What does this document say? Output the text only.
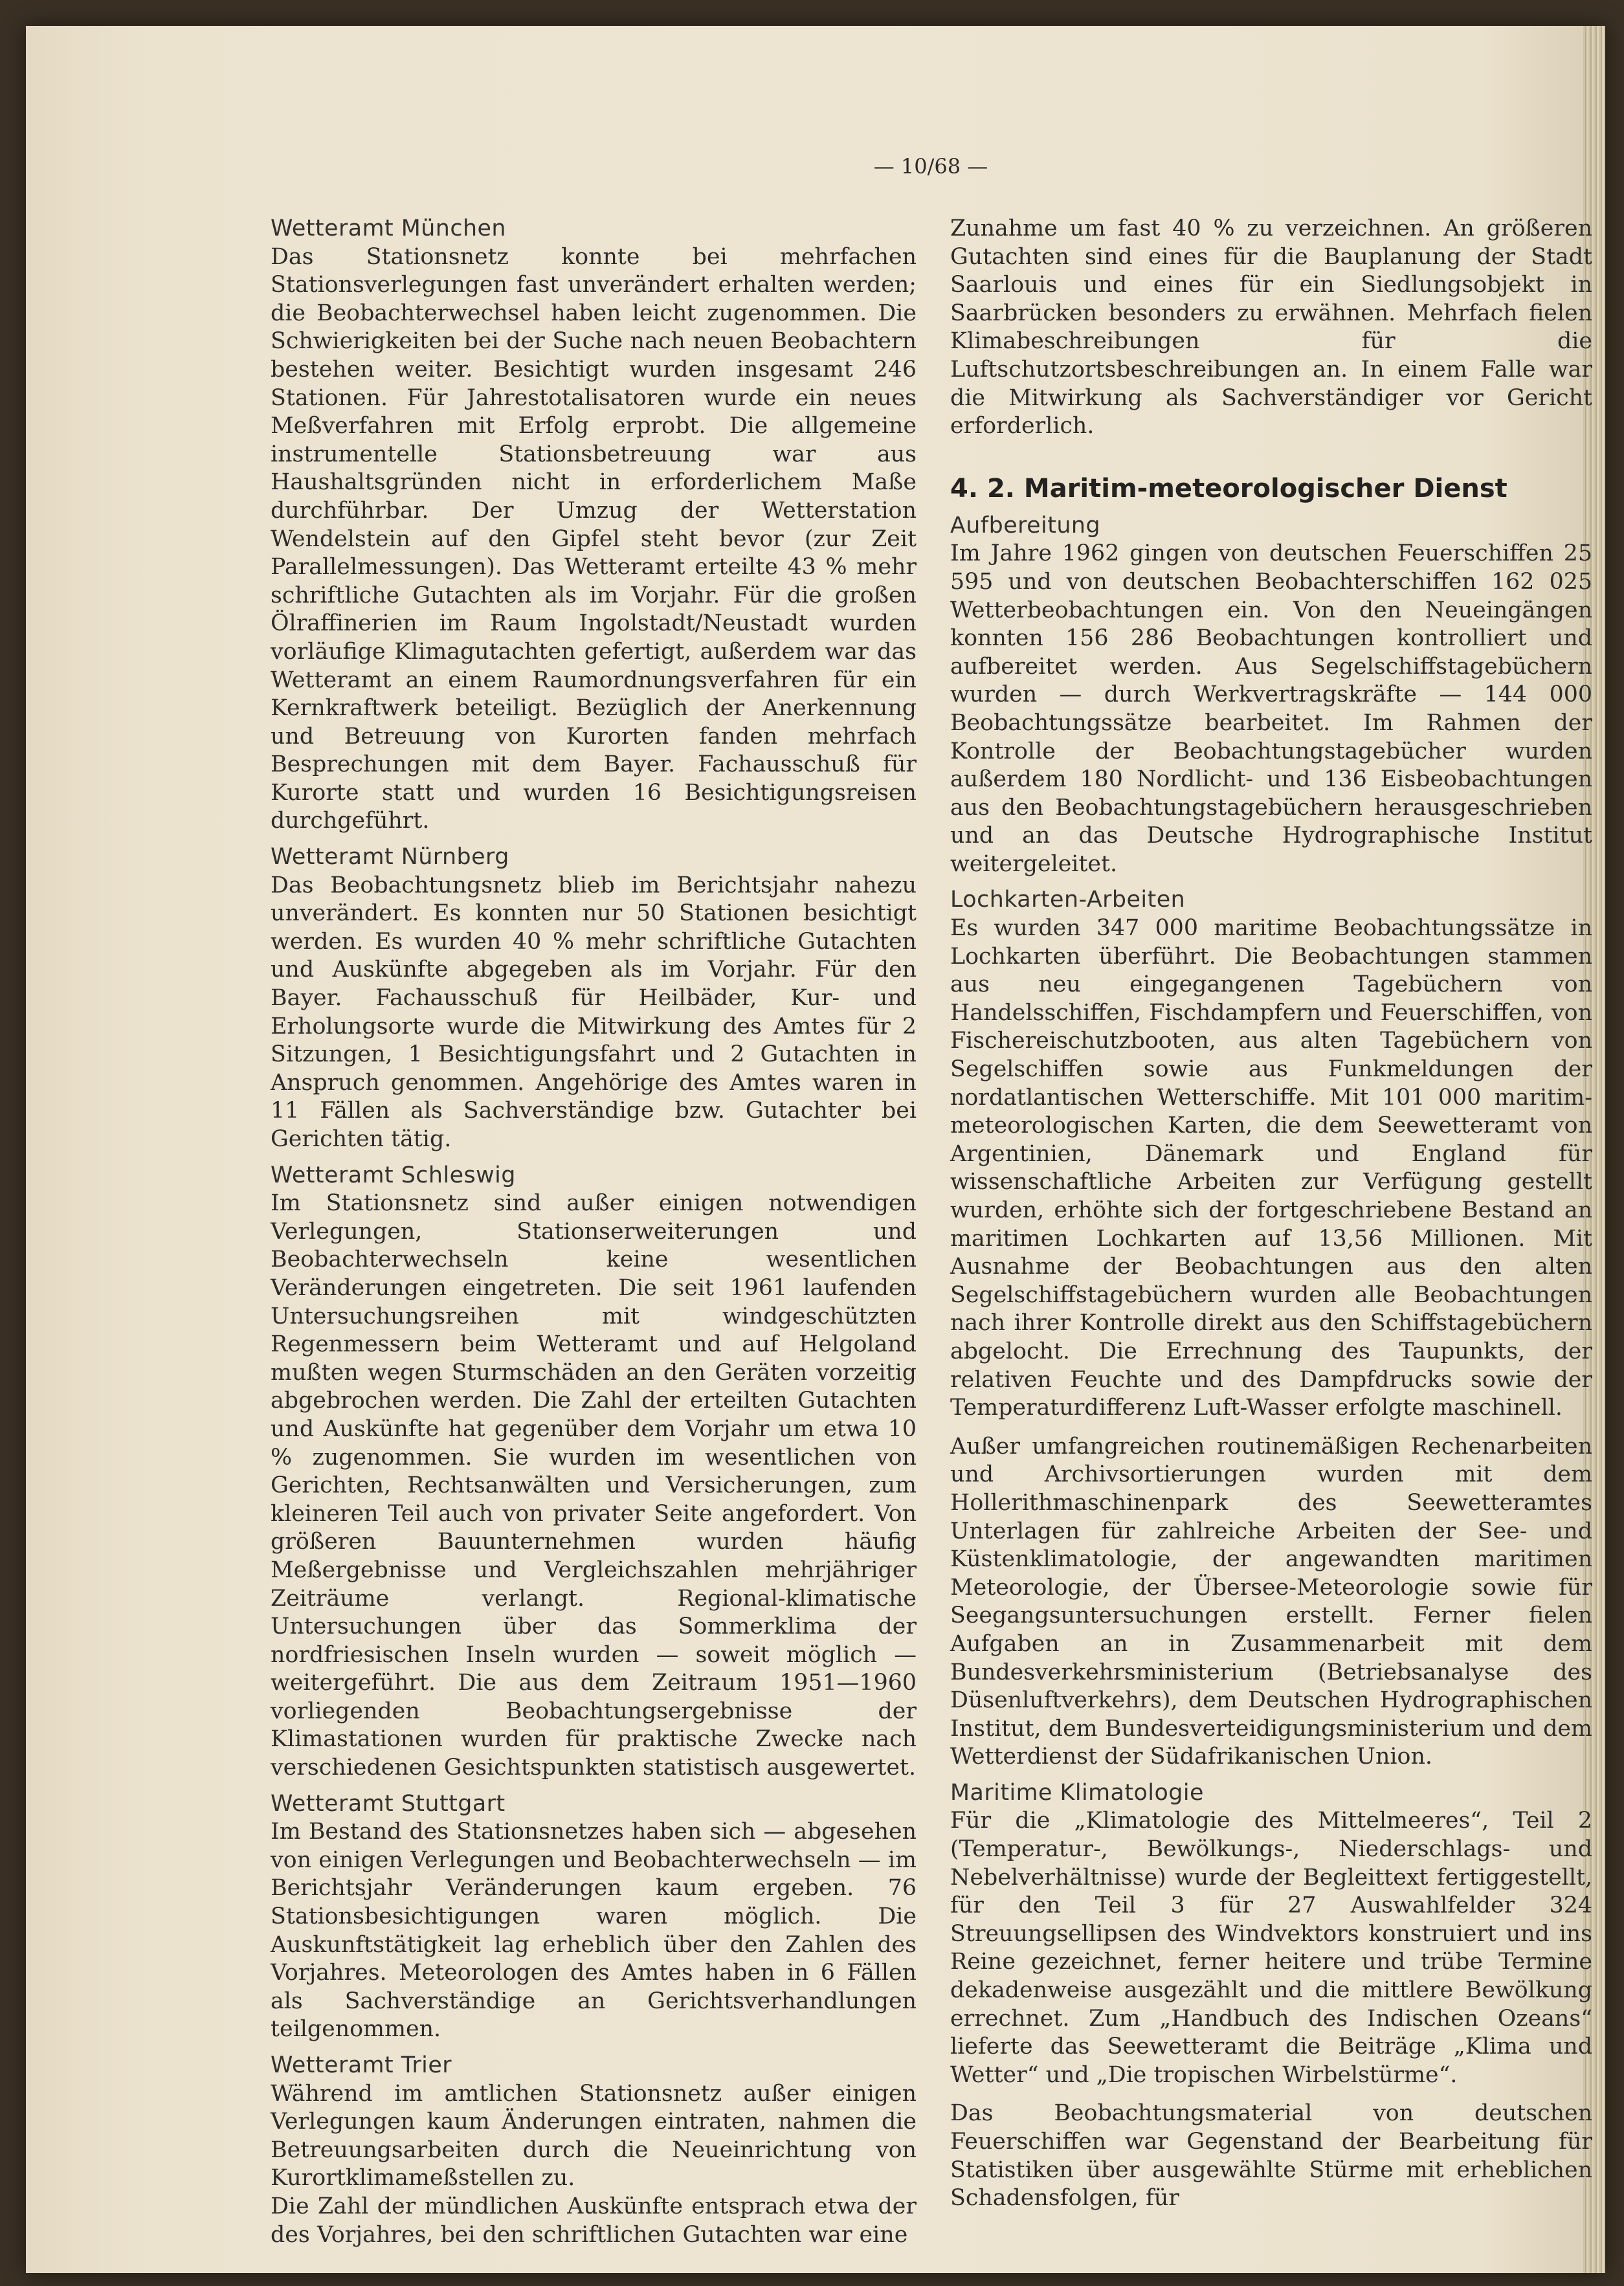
— 10/68 —

Wetteramt München

Das Stationsnetz konnte bei mehrfachen Stationsverlegungen fast unverändert erhalten werden; die Beobachterwechsel haben leicht zugenommen. Die Schwierigkeiten bei der Suche nach neuen Beobachtern bestehen weiter. Besichtigt wurden insgesamt 246 Stationen. Für Jahrestotalisatoren wurde ein neues Meßverfahren mit Erfolg erprobt. Die allgemeine instrumentelle Stationsbetreuung war aus Haushaltsgründen nicht in erforderlichem Maße durchführbar. Der Umzug der Wetterstation Wendelstein auf den Gipfel steht bevor (zur Zeit Parallelmessungen). Das Wetteramt erteilte 43 % mehr schriftliche Gutachten als im Vorjahr. Für die großen Ölraffinerien im Raum Ingolstadt/Neustadt wurden vorläufige Klimagutachten gefertigt, außerdem war das Wetteramt an einem Raumordnungsverfahren für ein Kernkraftwerk beteiligt. Bezüglich der Anerkennung und Betreuung von Kurorten fanden mehrfach Besprechungen mit dem Bayer. Fachausschuß für Kurorte statt und wurden 16 Besichtigungsreisen durchgeführt.

Wetteramt Nürnberg

Das Beobachtungsnetz blieb im Berichtsjahr nahezu unverändert. Es konnten nur 50 Stationen besichtigt werden. Es wurden 40 % mehr schriftliche Gutachten und Auskünfte abgegeben als im Vorjahr. Für den Bayer. Fachausschuß für Heilbäder, Kur- und Erholungsorte wurde die Mitwirkung des Amtes für 2 Sitzungen, 1 Besichtigungsfahrt und 2 Gutachten in Anspruch genommen. Angehörige des Amtes waren in 11 Fällen als Sachverständige bzw. Gutachter bei Gerichten tätig.

Wetteramt Schleswig

Im Stationsnetz sind außer einigen notwendigen Verlegungen, Stationserweiterungen und Beobachterwechseln keine wesentlichen Veränderungen eingetreten. Die seit 1961 laufenden Untersuchungsreihen mit windgeschützten Regenmessern beim Wetteramt und auf Helgoland mußten wegen Sturmschäden an den Geräten vorzeitig abgebrochen werden. Die Zahl der erteilten Gutachten und Auskünfte hat gegenüber dem Vorjahr um etwa 10 % zugenommen. Sie wurden im wesentlichen von Gerichten, Rechtsanwälten und Versicherungen, zum kleineren Teil auch von privater Seite angefordert. Von größeren Bauunternehmen wurden häufig Meßergebnisse und Vergleichszahlen mehrjähriger Zeiträume verlangt. Regional-klimatische Untersuchungen über das Sommerklima der nordfriesischen Inseln wurden — soweit möglich — weitergeführt. Die aus dem Zeitraum 1951—1960 vorliegenden Beobachtungsergebnisse der Klimastationen wurden für praktische Zwecke nach verschiedenen Gesichtspunkten statistisch ausgewertet.

Wetteramt Stuttgart

Im Bestand des Stationsnetzes haben sich — abgesehen von einigen Verlegungen und Beobachterwechseln — im Berichtsjahr Veränderungen kaum ergeben. 76 Stationsbesichtigungen waren möglich. Die Auskunftstätigkeit lag erheblich über den Zahlen des Vorjahres. Meteorologen des Amtes haben in 6 Fällen als Sachverständige an Gerichtsverhandlungen teilgenommen.

Wetteramt Trier

Während im amtlichen Stationsnetz außer einigen Verlegungen kaum Änderungen eintraten, nahmen die Betreuungsarbeiten durch die Neueinrichtung von Kurortklimameßstellen zu.

Die Zahl der mündlichen Auskünfte entsprach etwa der des Vorjahres, bei den schriftlichen Gutachten war eine

Zunahme um fast 40 % zu verzeichnen. An größeren Gutachten sind eines für die Bauplanung der Stadt Saarlouis und eines für ein Siedlungsobjekt in Saarbrücken besonders zu erwähnen. Mehrfach fielen Klimabeschreibungen für die Luftschutzortsbeschreibungen an. In einem Falle war die Mitwirkung als Sachverständiger vor Gericht erforderlich.

4. 2. Maritim-meteorologischer Dienst

Aufbereitung

Im Jahre 1962 gingen von deutschen Feuerschiffen 25 595 und von deutschen Beobachterschiffen 162 025 Wetterbeobachtungen ein. Von den Neueingängen konnten 156 286 Beobachtungen kontrolliert und aufbereitet werden. Aus Segelschiffstagebüchern wurden — durch Werkvertragskräfte — 144 000 Beobachtungssätze bearbeitet. Im Rahmen der Kontrolle der Beobachtungstagebücher wurden außerdem 180 Nordlicht- und 136 Eisbeobachtungen aus den Beobachtungstagebüchern herausgeschrieben und an das Deutsche Hydrographische Institut weitergeleitet.

Lochkarten-Arbeiten

Es wurden 347 000 maritime Beobachtungssätze in Lochkarten überführt. Die Beobachtungen stammen aus neu eingegangenen Tagebüchern von Handelsschiffen, Fischdampfern und Feuerschiffen, von Fischereischutzbooten, aus alten Tagebüchern von Segelschiffen sowie aus Funkmeldungen der nordatlantischen Wetterschiffe. Mit 101 000 maritim-meteorologischen Karten, die dem Seewetteramt von Argentinien, Dänemark und England für wissenschaftliche Arbeiten zur Verfügung gestellt wurden, erhöhte sich der fortgeschriebene Bestand an maritimen Lochkarten auf 13,56 Millionen. Mit Ausnahme der Beobachtungen aus den alten Segelschiffstagebüchern wurden alle Beobachtungen nach ihrer Kontrolle direkt aus den Schiffstagebüchern abgelocht. Die Errechnung des Taupunkts, der relativen Feuchte und des Dampfdrucks sowie der Temperaturdifferenz Luft-Wasser erfolgte maschinell.

Außer umfangreichen routinemäßigen Rechenarbeiten und Archivsortierungen wurden mit dem Hollerithmaschinenpark des Seewetteramtes Unterlagen für zahlreiche Arbeiten der See- und Küstenklimatologie, der angewandten maritimen Meteorologie, der Übersee-Meteorologie sowie für Seegangsuntersuchungen erstellt. Ferner fielen Aufgaben an in Zusammenarbeit mit dem Bundesverkehrsministerium (Betriebsanalyse des Düsenluftverkehrs), dem Deutschen Hydrographischen Institut, dem Bundesverteidigungsministerium und dem Wetterdienst der Südafrikanischen Union.

Maritime Klimatologie

Für die „Klimatologie des Mittelmeeres“, Teil 2 (Temperatur-, Bewölkungs-, Niederschlags- und Nebelverhältnisse) wurde der Begleittext fertiggestellt, für den Teil 3 für 27 Auswahlfelder 324 Streuungsellipsen des Windvektors konstruiert und ins Reine gezeichnet, ferner heitere und trübe Termine dekadenweise ausgezählt und die mittlere Bewölkung errechnet. Zum „Handbuch des Indischen Ozeans“ lieferte das Seewetteramt die Beiträge „Klima und Wetter“ und „Die tropischen Wirbelstürme“.

Das Beobachtungsmaterial von deutschen Feuerschiffen war Gegenstand der Bearbeitung für Statistiken über ausgewählte Stürme mit erheblichen Schadensfolgen, für
